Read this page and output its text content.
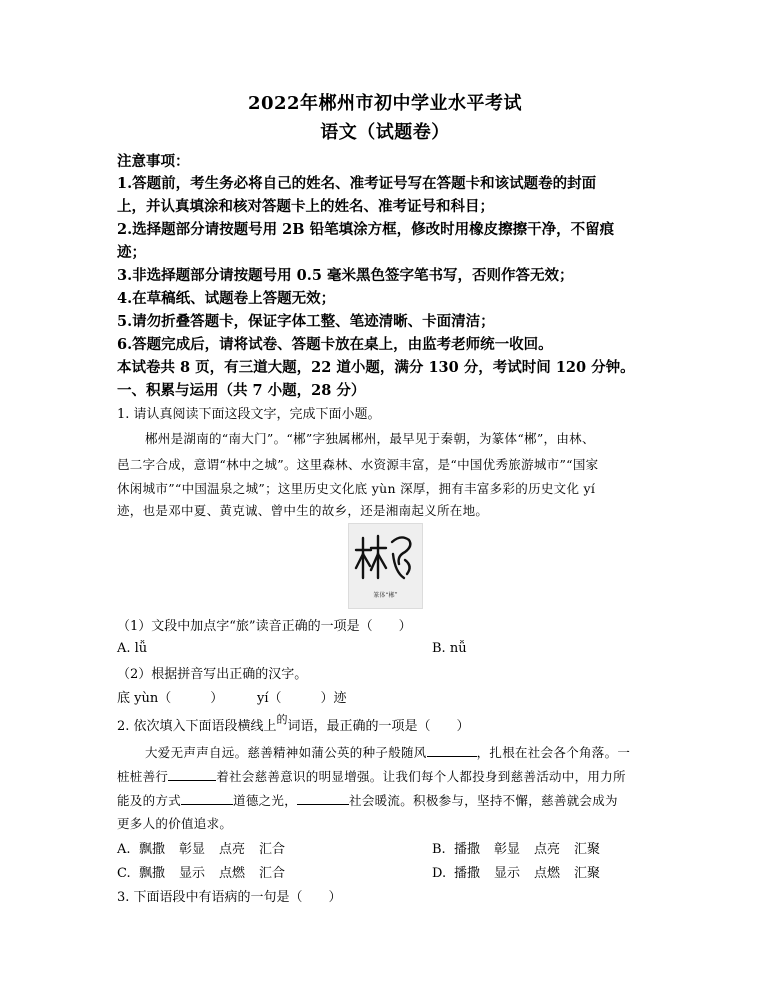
2022年郴州市初中学业水平考试
语文（试题卷）
注意事项：
1.答题前，考生务必将自己的姓名、准考证号写在答题卡和该试题卷的封面
上，并认真填涂和核对答题卡上的姓名、准考证号和科目；
2.选择题部分请按题号用 2B 铅笔填涂方框，修改时用橡皮擦擦干净，不留痕
迹；
3.非选择题部分请按题号用 0.5 毫米黑色签字笔书写，否则作答无效；
4.在草稿纸、试题卷上答题无效；
5.请勿折叠答题卡，保证字体工整、笔迹清晰、卡面清洁；
6.答题完成后，请将试卷、答题卡放在桌上，由监考老师统一收回。
本试卷共 8 页，有三道大题，22 道小题，满分 130 分，考试时间 120 分钟。
一、积累与运用（共 7 小题，28 分）
1. 请认真阅读下面这段文字，完成下面小题。
郴州是湖南的“南大门”。“郴”字独属郴州，最早见于秦朝，为篆体“郴”，由林、
邑二字合成，意谓“林中之城”。这里森林、水资源丰富，是“中国优秀旅游城市”“国家
休闲城市”“中国温泉之城”；这里历史文化底 yùn 深厚，拥有丰富多彩的历史文化 yí
迹，也是邓中夏、黄克诚、曾中生的故乡，还是湘南起义所在地。
篆体“郴”
（1）文段中加点字“旅”读音正确的一项是（　　）
A. lǚ	B. nǚ
（2）根据拼音写出正确的汉字。
底 yùn（　　　）	yí（　　　）迹
2. 依次填入下面语段横线上$^的$词语，最正确的一项是（　　）
大爱无声声自远。慈善精神如蒲公英的种子般随风	，扎根在社会各个角落。一
桩桩善行	着社会慈善意识的明显增强。让我们每个人都投身到慈善活动中，用力所
能及的方式	道德之光，	社会暖流。积极参与，坚持不懈，慈善就会成为
更多人的价值追求。
A. 飘撒 彰显 点亮 汇合	B. 播撒 彰显 点亮 汇聚
C. 飘撒 显示 点燃 汇合	D. 播撒 显示 点燃 汇聚
3. 下面语段中有语病的一句是（　　）
